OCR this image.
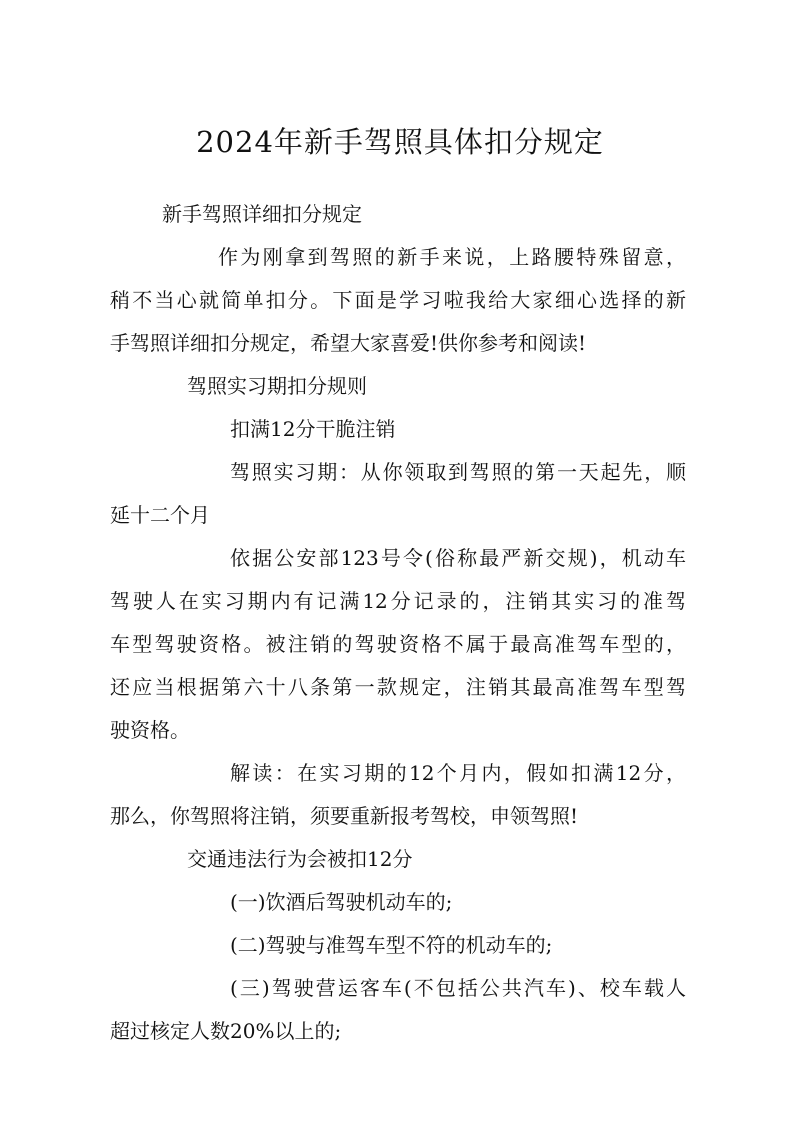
2024年新手驾照具体扣分规定
新手驾照详细扣分规定
作为刚拿到驾照的新手来说，上路腰特殊留意，
稍不当心就简单扣分。下面是学习啦我给大家细心选择的新
手驾照详细扣分规定，希望大家喜爱!供你参考和阅读!
驾照实习期扣分规则
扣满12分干脆注销
驾照实习期：从你领取到驾照的第一天起先，顺
延十二个月
依据公安部123号令(俗称最严新交规)，机动车
驾驶人在实习期内有记满12分记录的，注销其实习的准驾
车型驾驶资格。被注销的驾驶资格不属于最高准驾车型的，
还应当根据第六十八条第一款规定，注销其最高准驾车型驾
驶资格。
解读：在实习期的12个月内，假如扣满12分，
那么，你驾照将注销，须要重新报考驾校，申领驾照!
交通违法行为会被扣12分
(一)饮酒后驾驶机动车的;
(二)驾驶与准驾车型不符的机动车的;
(三)驾驶营运客车(不包括公共汽车)、校车载人
超过核定人数20%以上的;
